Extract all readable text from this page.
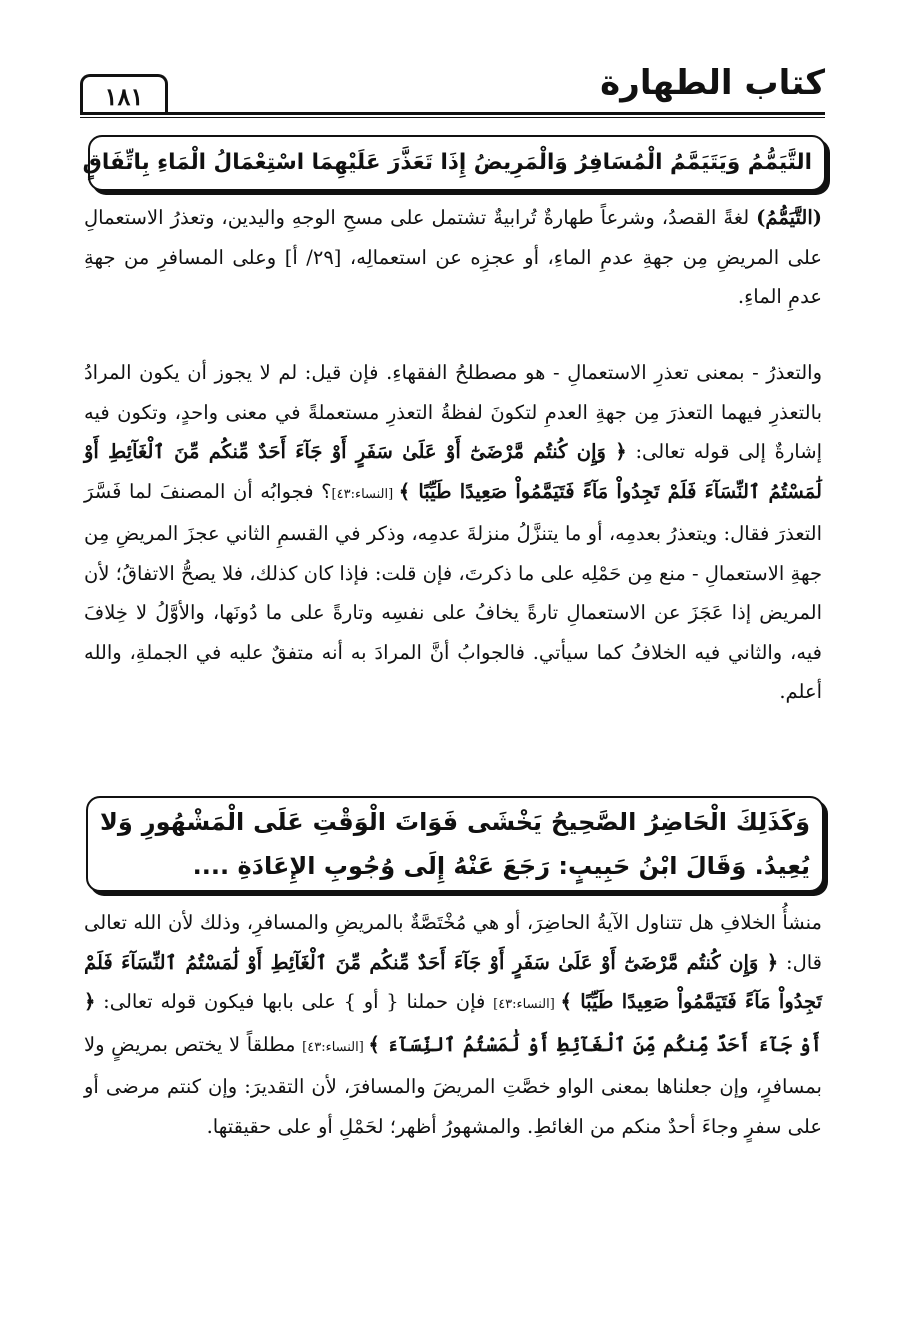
كتاب الطهارة
١٨١
التَّيَمُّمُ وَيَتَيَمَّمُ الْمُسَافِرُ وَالْمَرِيضُ إِذَا تَعَذَّرَ عَلَيْهِمَا اسْتِعْمَالُ الْمَاءِ بِاتِّفَاقٍ
(التَّيَمُّمُ) لغةً القصدُ، وشرعاً طهارةٌ تُرابيةٌ تشتمل على مسحِ الوجهِ واليدين، وتعذرُ الاستعمالِ على المريضِ مِن جهةِ عدمِ الماءِ، أو عجزِه عن استعمالِه، [٢٩/ أ] وعلى المسافرِ من جهةِ عدمِ الماءِ.
والتعذرُ - بمعنى تعذرِ الاستعمالِ - هو مصطلحُ الفقهاءِ. فإن قيل: لم لا يجوز أن يكون المرادُ بالتعذرِ فيهما التعذرَ مِن جهةِ العدمِ لتكونَ لفظةُ التعذرِ مستعملةً في معنى واحدٍ، وتكون فيه إشارةٌ إلى قوله تعالى: ﴿ وَإِن كُنتُم مَّرْضَىٰٓ أَوْ عَلَىٰ سَفَرٍ أَوْ جَآءَ أَحَدٌ مِّنكُم مِّنَ ٱلْغَآئِطِ أَوْ لَٰمَسْتُمُ ٱلنِّسَآءَ فَلَمْ تَجِدُواْ مَآءً فَتَيَمَّمُواْ صَعِيدًا طَيِّبًا ﴾ [النساء:٤٣]؟ فجوابُه أن المصنفَ لما فَسَّرَ التعذرَ فقال: ويتعذرُ بعدمِه، أو ما يتنزَّلُ منزلةَ عدمِه، وذكر في القسمِ الثاني عجزَ المريضِ مِن جهةِ الاستعمالِ - منع مِن حَمْلِه على ما ذكرتَ، فإن قلت: فإذا كان كذلك، فلا يصحُّ الاتفاقُ؛ لأن المريض إذا عَجَزَ عن الاستعمالِ تارةً يخافُ على نفسِه وتارةً على ما دُونَها، والأوَّلُ لا خِلافَ فيه، والثاني فيه الخلافُ كما سيأتي. فالجوابُ أنَّ المرادَ به أنه متفقٌ عليه في الجملةِ، والله أعلم.
وَكَذَلِكَ الْحَاضِرُ الصَّحِيحُ يَخْشَى فَوَاتَ الْوَقْتِ عَلَى الْمَشْهُورِ وَلا يُعِيدُ. وَقَالَ ابْنُ حَبِيبٍ: رَجَعَ عَنْهُ إِلَى وُجُوبِ الإِعَادَةِ ....
منشأُ الخلافِ هل تتناول الآيةُ الحاضِرَ، أو هي مُخْتَصَّةٌ بالمريضِ والمسافرِ، وذلك لأن الله تعالى قال: ﴿ وَإِن كُنتُم مَّرْضَىٰٓ أَوْ عَلَىٰ سَفَرٍ أَوْ جَآءَ أَحَدٌ مِّنكُم مِّنَ ٱلْغَآئِطِ أَوْ لَٰمَسْتُمُ ٱلنِّسَآءَ فَلَمْ تَجِدُواْ مَآءً فَتَيَمَّمُواْ صَعِيدًا طَيِّبًا ﴾ [النساء:٤٣] فإن حملنا { أو } على بابها فيكون قوله تعالى: ﴿ أَوْ جَآءَ أَحَدٌ مِّنكُم مِّنَ ٱلْغَآئِطِ أَوْ لَٰمَسْتُمُ ٱلنِّسَآءَ ﴾ [النساء:٤٣] مطلقاً لا يختص بمريضٍ ولا بمسافرٍ، وإن جعلناها بمعنى الواو خصَّتِ المريضَ والمسافرَ، لأن التقديرَ: وإن كنتم مرضى أو على سفرٍ وجاءَ أحدٌ منكم من الغائطِ. والمشهورُ أظهر؛ لحَمْلِ أو على حقيقتها.
